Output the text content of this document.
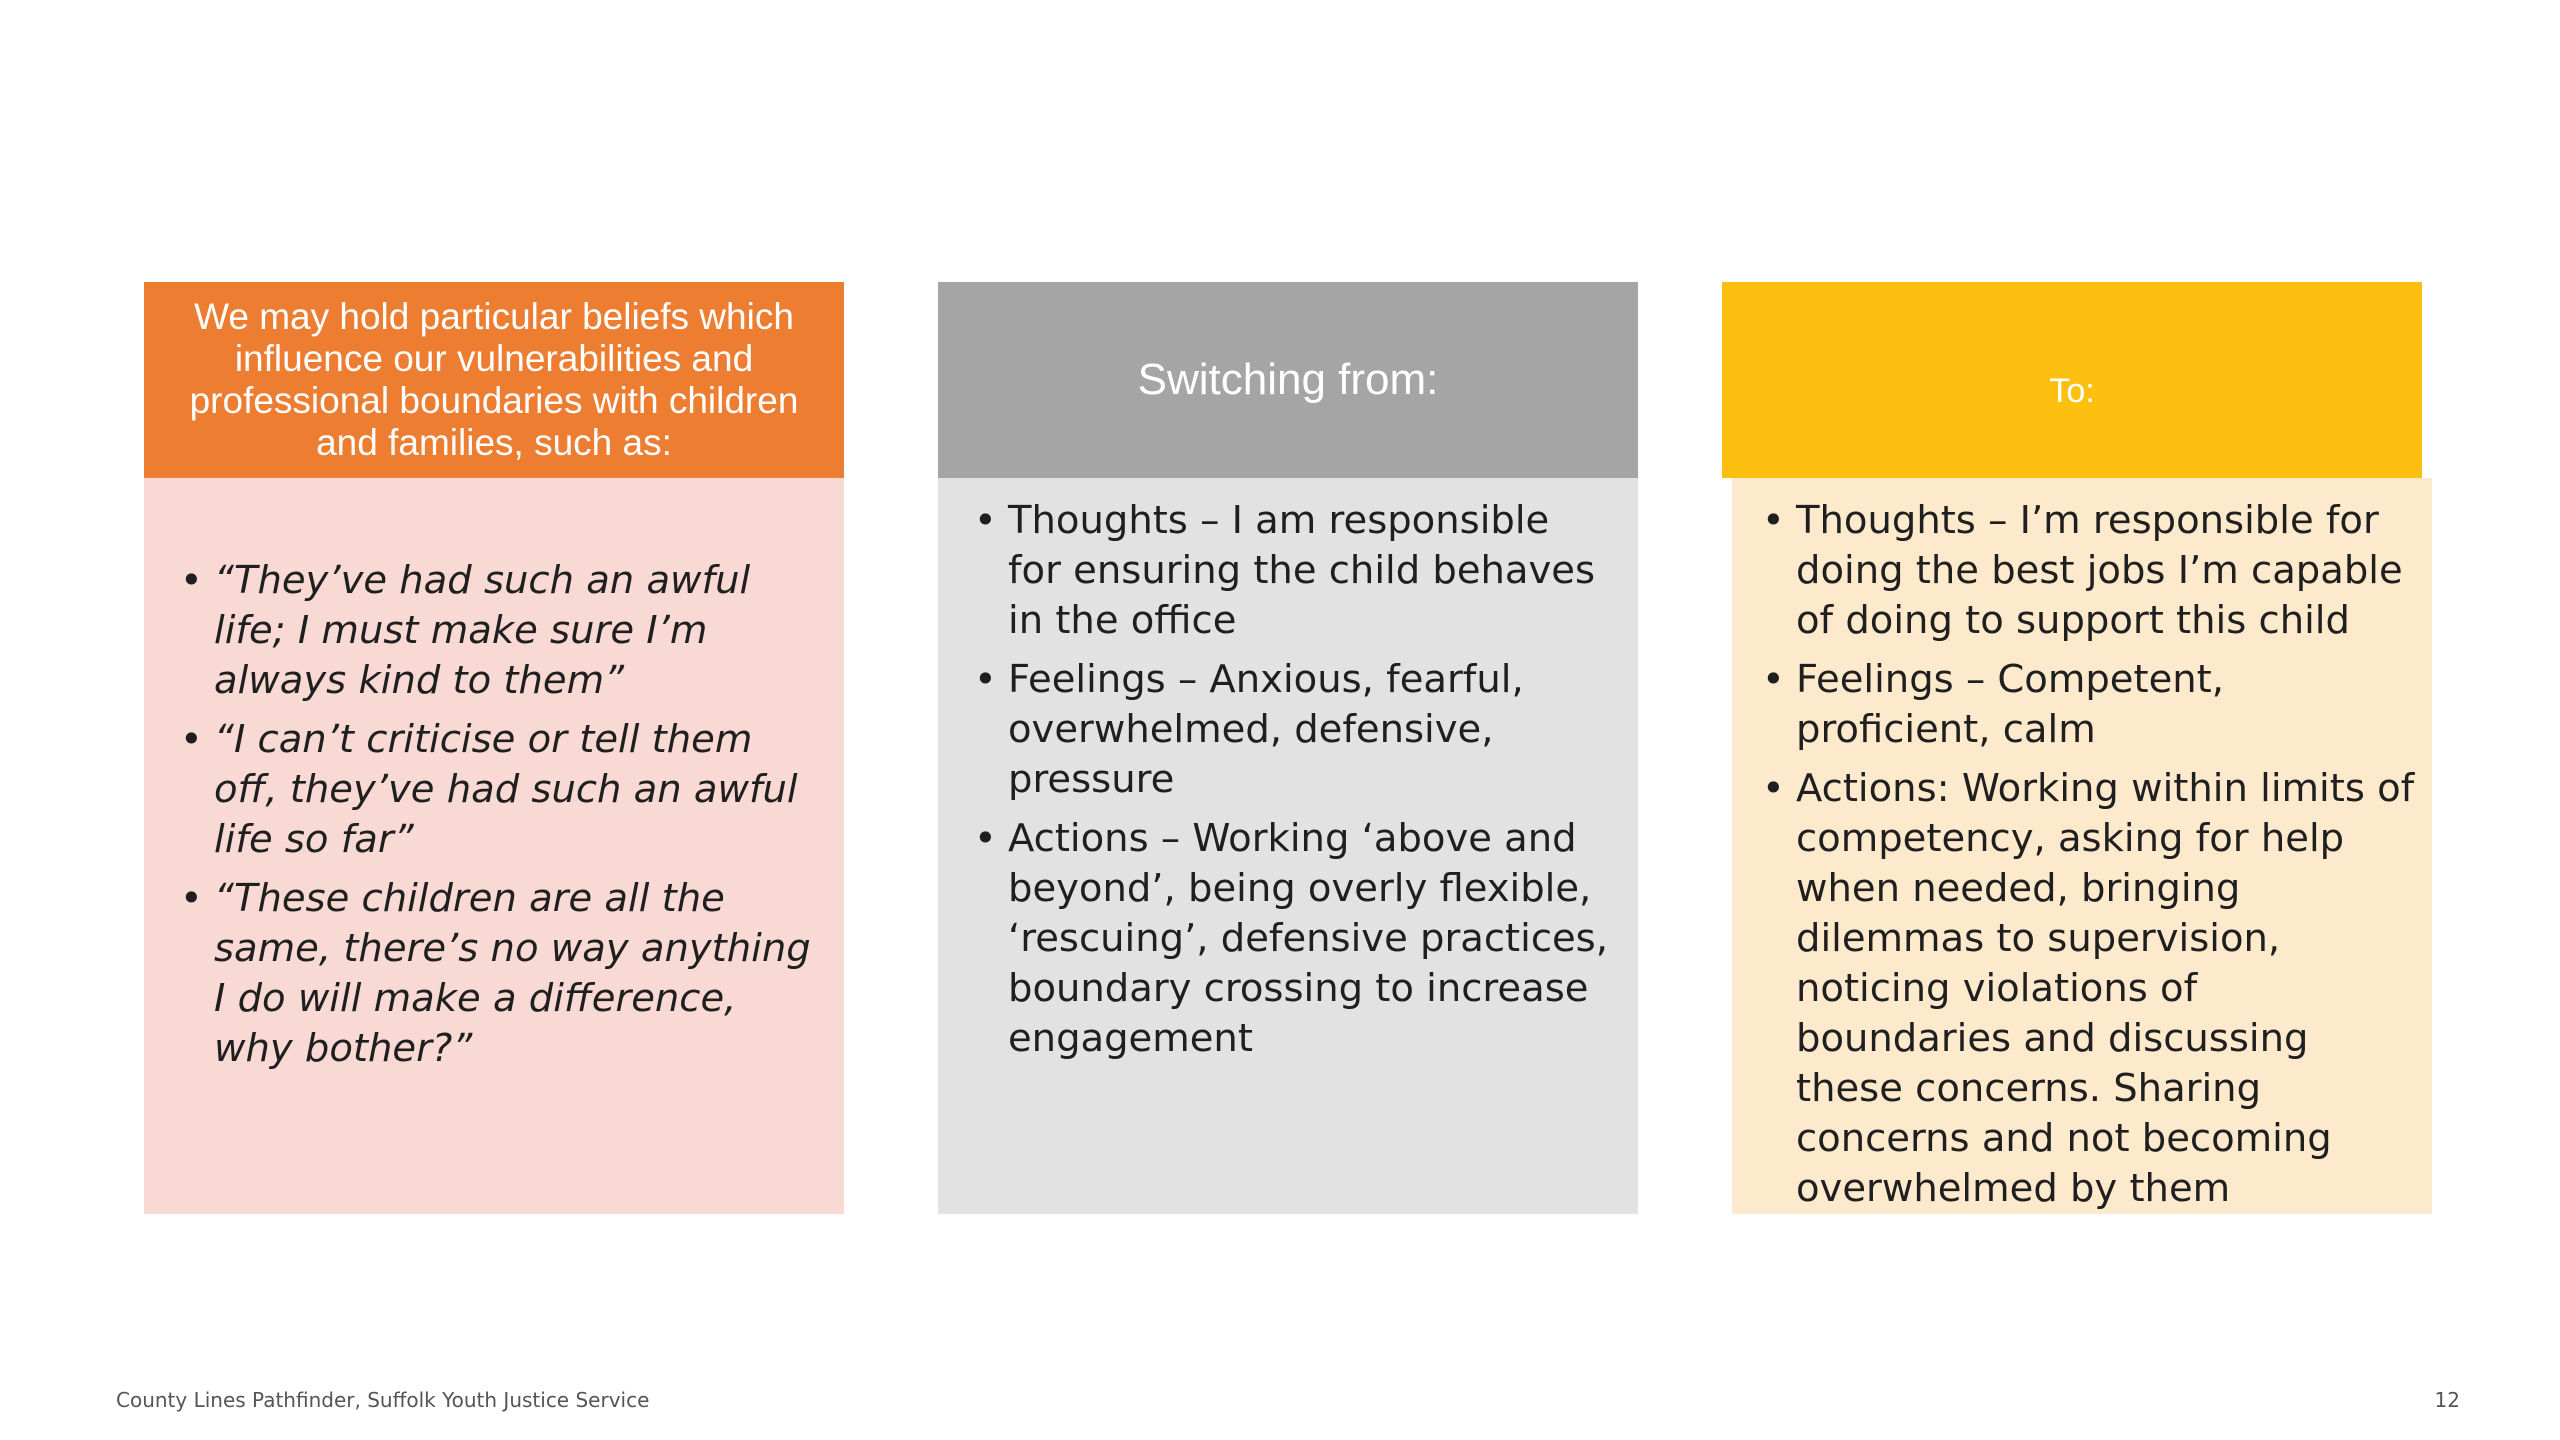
We may hold particular beliefs which influence our vulnerabilities and professional boundaries with children and families, such as:
• “They’ve had such an awful life; I must make sure I’m always kind to them”
• “I can’t criticise or tell them off, they’ve had such an awful life so far”
• “These children are all the same, there’s no way anything I do will make a difference, why bother?”
Switching from:
• Thoughts – I am responsible for ensuring the child behaves in the office
• Feelings – Anxious, fearful, overwhelmed, defensive, pressure
• Actions – Working ‘above and beyond’, being overly flexible, ‘rescuing’, defensive practices, boundary crossing to increase engagement
To:
• Thoughts – I’m responsible for doing the best jobs I’m capable of doing to support this child
• Feelings – Competent, proficient, calm
• Actions: Working within limits of competency, asking for help when needed, bringing dilemmas to supervision, noticing violations of boundaries and discussing these concerns. Sharing concerns and not becoming overwhelmed by them
County Lines Pathfinder, Suffolk Youth Justice Service	12
